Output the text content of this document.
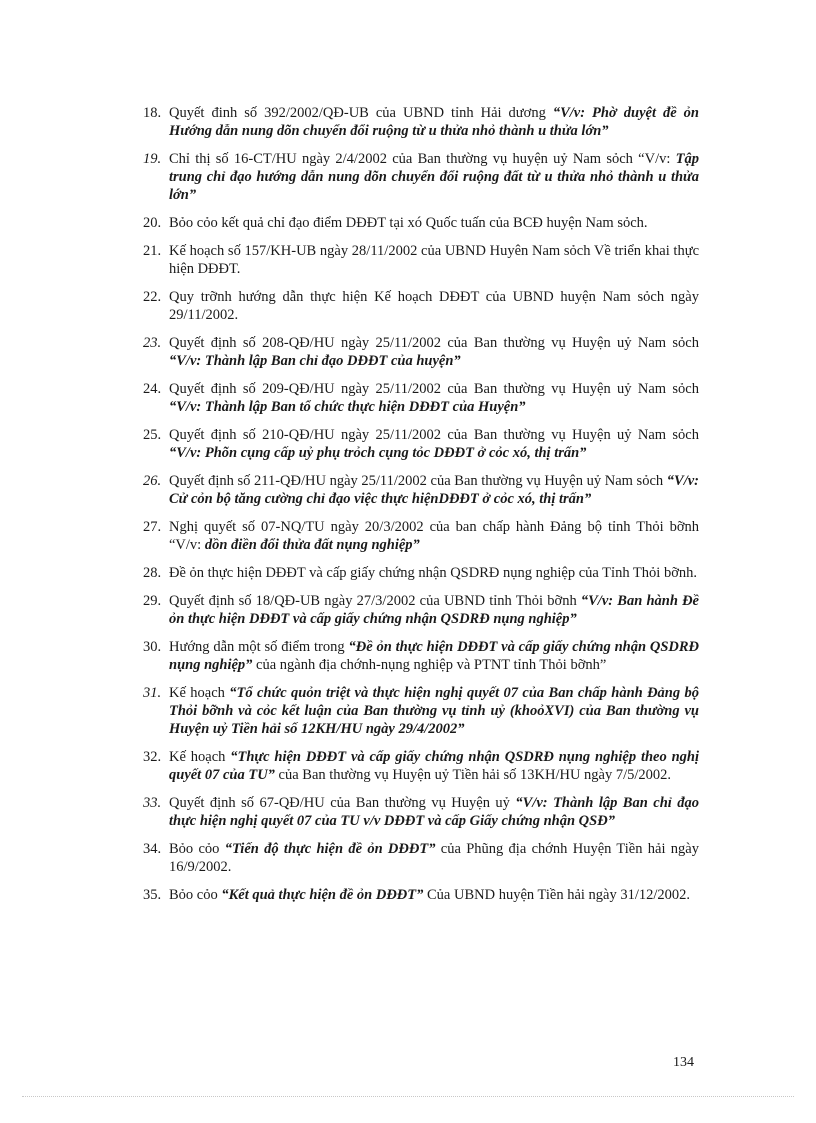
18. Quyết đinh số 392/2002/QĐ-UB của UBND tỉnh Hải dương “V/v: Phờ duyệt đề ỏn Hướng dẫn nung dõn chuyển đổi ruộng từ u thửa nhỏ thành u thửa lớn”
19. Chỉ thị số 16-CT/HU ngày 2/4/2002 của Ban thường vụ huyện uỷ Nam sỏch “V/v: Tập trung chỉ đạo hướng dẫn nung dõn chuyển đổi ruộng đất từ u thửa nhỏ thành u thửa lớn”
20. Bỏo cỏo kết quả chỉ đạo điểm DĐĐT tại xó Quốc tuấn của BCĐ huyện Nam sỏch.
21. Kế hoạch số 157/KH-UB ngày 28/11/2002 của UBND Huyên Nam sỏch Về triển khai thực hiện DĐĐT.
22. Quy trỡnh hướng dẫn thực hiện Kế hoạch DĐĐT của UBND huyện Nam sỏch ngày 29/11/2002.
23. Quyết định số 208-QĐ/HU ngày 25/11/2002 của Ban thường vụ Huyện uỷ Nam sỏch “V/v: Thành lập Ban chỉ đạo DĐĐT của huyện”
24. Quyết định số 209-QĐ/HU ngày 25/11/2002 của Ban thường vụ Huyện uỷ Nam sỏch “V/v: Thành lập Ban tổ chức thực hiện DĐĐT của Huyện”
25. Quyết định số 210-QĐ/HU ngày 25/11/2002 của Ban thường vụ Huyện uỷ Nam sỏch “V/v: Phõn cụng cấp uỷ phụ trỏch cụng tỏc DĐĐT ở cỏc xó, thị trấn”
26. Quyết định số 211-QĐ/HU ngày 25/11/2002 của Ban thường vụ Huyện uỷ Nam sỏch “V/v: Cử cỏn bộ tăng cường chỉ đạo việc thực hiệnDĐĐT ở cỏc xó, thị trấn”
27. Nghị quyết số 07-NQ/TU ngày 20/3/2002 của ban chấp hành Đảng bộ tỉnh Thỏi bỡnh “V/v: dồn điền đổi thửa đất nụng nghiệp”
28. Đề ỏn thực hiện DĐĐT và cấp giấy chứng nhận QSDRĐ nụng nghiệp của Tỉnh Thỏi bỡnh.
29. Quyết định số 18/QĐ-UB ngày 27/3/2002 của UBND tỉnh Thỏi bỡnh “V/v: Ban hành Đề ỏn thực hiện DĐĐT và cấp giấy chứng nhận QSDRĐ nụng nghiệp”
30. Hướng dẫn một số điểm trong “Đề ỏn thực hiện DĐĐT và cấp giấy chứng nhận QSDRĐ nụng nghiệp” của ngành địa chớnh-nụng nghiệp và PTNT tỉnh Thỏi bỡnh”
31. Kế hoạch “Tổ chức quỏn triệt và thực hiện nghị quyết 07 của Ban chấp hành Đảng bộ Thỏi bỡnh và cỏc kết luận của Ban thường vụ tỉnh uỷ (khoỏXVI) của Ban thường vụ Huyện uỷ Tiền hải số 12KH/HU ngày 29/4/2002”
32. Kế hoạch “Thực hiện DĐĐT và cấp giấy chứng nhận QSDRĐ nụng nghiệp theo nghị quyết 07 của TU” của Ban thường vụ Huyện uỷ Tiền hải số 13KH/HU ngày 7/5/2002.
33. Quyết định số 67-QĐ/HU của Ban thường vụ Huyện uỷ “V/v: Thành lập Ban chỉ đạo thực hiện nghị quyết 07 của TU v/v DĐĐT và cấp Giấy chứng nhận QSĐ”
34. Bỏo cỏo “Tiến độ thực hiện đề ỏn DĐĐT” của Phũng địa chớnh Huyện Tiền hải ngày 16/9/2002.
35. Bỏo cỏo “Kết quả thực hiện đề ỏn DĐĐT” Của UBND huyện Tiền hải ngày 31/12/2002.
134
